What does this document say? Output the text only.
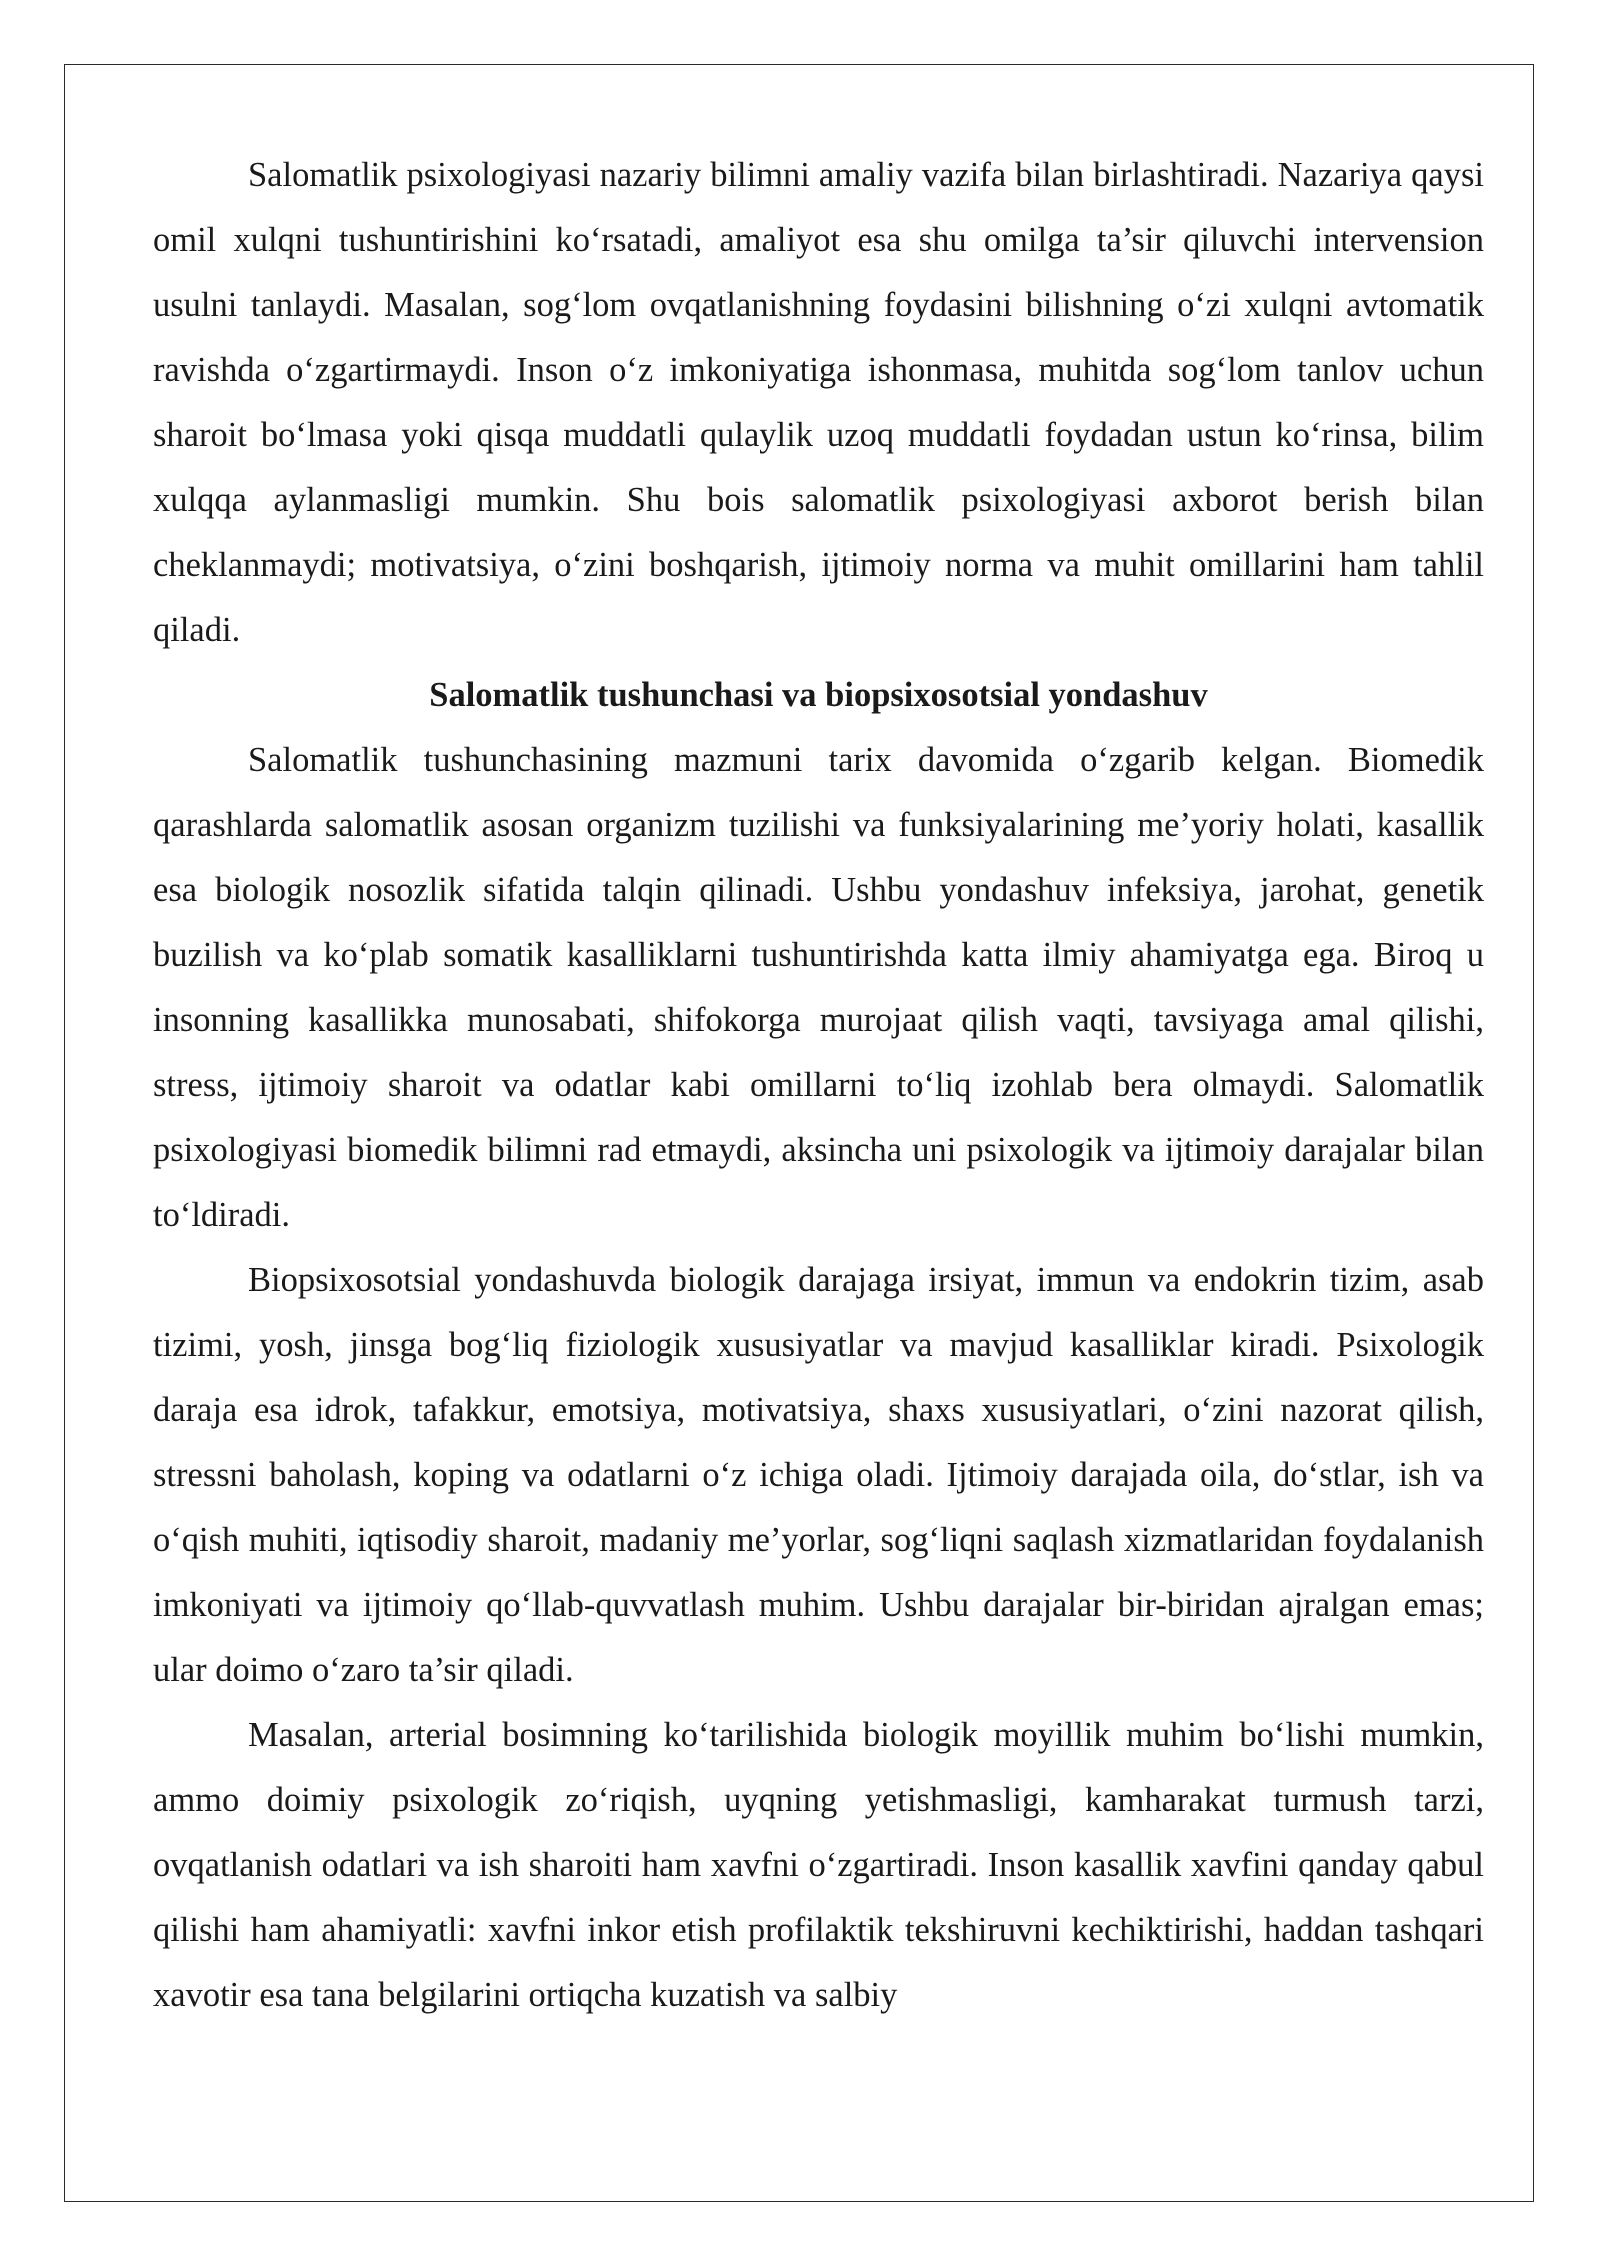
Salomatlik psixologiyasi nazariy bilimni amaliy vazifa bilan birlashtiradi. Nazariya qaysi omil xulqni tushuntirishini ko‘rsatadi, amaliyot esa shu omilga ta’sir qiluvchi intervension usulni tanlaydi. Masalan, sog‘lom ovqatlanishning foydasini bilishning o‘zi xulqni avtomatik ravishda o‘zgartirmaydi. Inson o‘z imkoniyatiga ishonmasa, muhitda sog‘lom tanlov uchun sharoit bo‘lmasa yoki qisqa muddatli qulaylik uzoq muddatli foydadan ustun ko‘rinsa, bilim xulqqa aylanmasligi mumkin. Shu bois salomatlik psixologiyasi axborot berish bilan cheklanmaydi; motivatsiya, o‘zini boshqarish, ijtimoiy norma va muhit omillarini ham tahlil qiladi.

Salomatlik tushunchasi va biopsixosotsial yondashuv

Salomatlik tushunchasining mazmuni tarix davomida o‘zgarib kelgan. Biomedik qarashlarda salomatlik asosan organizm tuzilishi va funksiyalarining me’yoriy holati, kasallik esa biologik nosozlik sifatida talqin qilinadi. Ushbu yondashuv infeksiya, jarohat, genetik buzilish va ko‘plab somatik kasalliklarni tushuntirishda katta ilmiy ahamiyatga ega. Biroq u insonning kasallikka munosabati, shifokorga murojaat qilish vaqti, tavsiyaga amal qilishi, stress, ijtimoiy sharoit va odatlar kabi omillarni to‘liq izohlab bera olmaydi. Salomatlik psixologiyasi biomedik bilimni rad etmaydi, aksincha uni psixologik va ijtimoiy darajalar bilan to‘ldiradi.

Biopsixosotsial yondashuvda biologik darajaga irsiyat, immun va endokrin tizim, asab tizimi, yosh, jinsga bog‘liq fiziologik xususiyatlar va mavjud kasalliklar kiradi. Psixologik daraja esa idrok, tafakkur, emotsiya, motivatsiya, shaxs xususiyatlari, o‘zini nazorat qilish, stressni baholash, koping va odatlarni o‘z ichiga oladi. Ijtimoiy darajada oila, do‘stlar, ish va o‘qish muhiti, iqtisodiy sharoit, madaniy me’yorlar, sog‘liqni saqlash xizmatlaridan foydalanish imkoniyati va ijtimoiy qo‘llab-quvvatlash muhim. Ushbu darajalar bir-biridan ajralgan emas; ular doimo o‘zaro ta’sir qiladi.

Masalan, arterial bosimning ko‘tarilishida biologik moyillik muhim bo‘lishi mumkin, ammo doimiy psixologik zo‘riqish, uyqning yetishmasligi, kamharakat turmush tarzi, ovqatlanish odatlari va ish sharoiti ham xavfni o‘zgartiradi. Inson kasallik xavfini qanday qabul qilishi ham ahamiyatli: xavfni inkor etish profilaktik tekshiruvni kechiktirishi, haddan tashqari xavotir esa tana belgilarini ortiqcha kuzatish va salbiy
